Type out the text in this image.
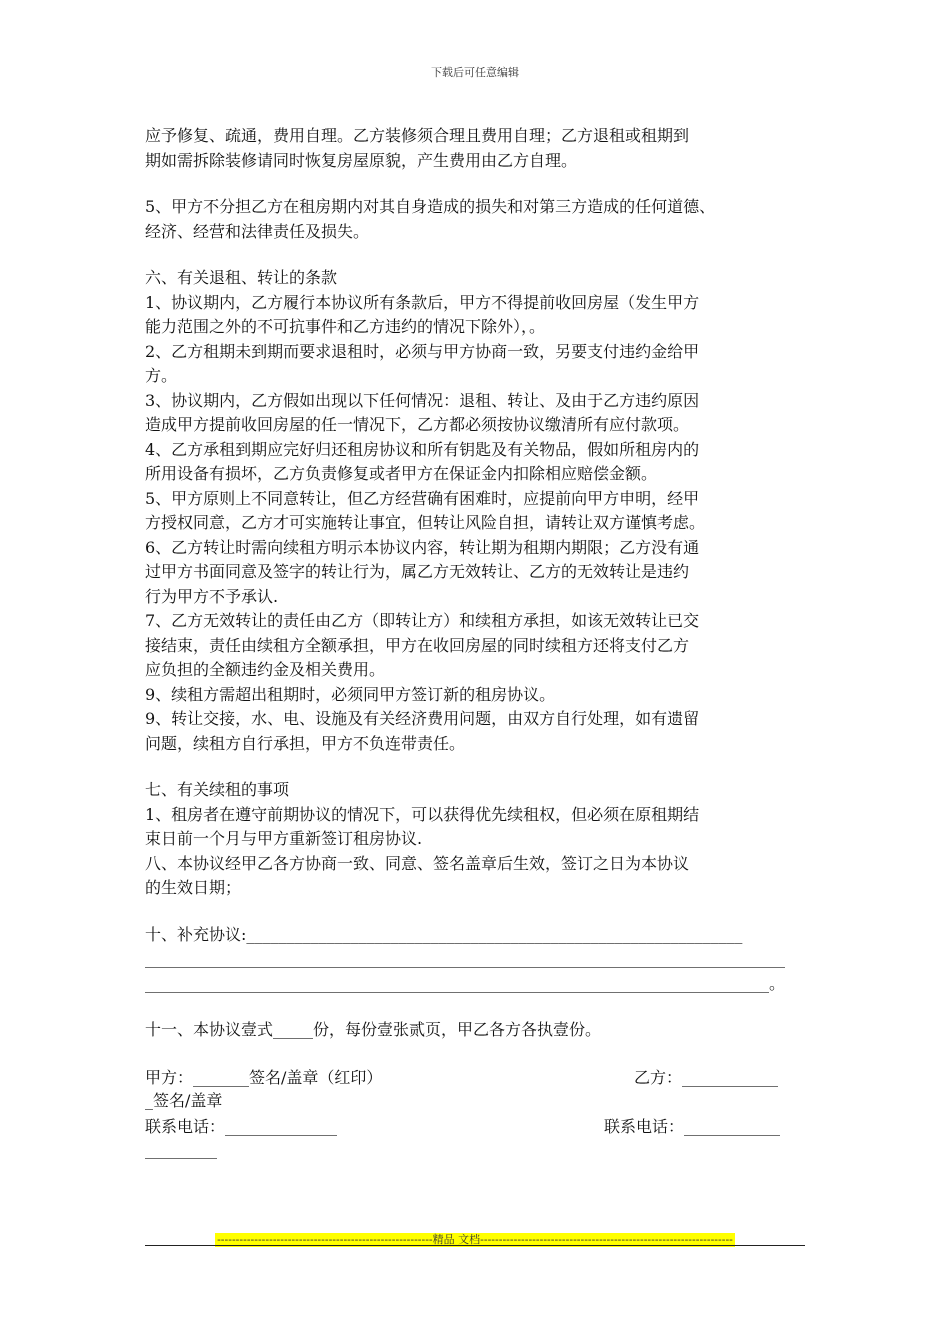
下载后可任意编辑
应予修复、疏通，费用自理。乙方装修须合理且费用自理；乙方退租或租期到
期如需拆除装修请同时恢复房屋原貌，产生费用由乙方自理。
5、甲方不分担乙方在租房期内对其自身造成的损失和对第三方造成的任何道德、
经济、经营和法律责任及损失。
六、有关退租、转让的条款
1、协议期内，乙方履行本协议所有条款后，甲方不得提前收回房屋（发生甲方
能力范围之外的不可抗事件和乙方违约的情况下除外），。
2、乙方租期未到期而要求退租时，必须与甲方协商一致，另要支付违约金给甲
方。
3、协议期内，乙方假如出现以下任何情况：退租、转让、及由于乙方违约原因
造成甲方提前收回房屋的任一情况下，乙方都必须按协议缴清所有应付款项。
4、乙方承租到期应完好归还租房协议和所有钥匙及有关物品，假如所租房内的
所用设备有损坏，乙方负责修复或者甲方在保证金内扣除相应赔偿金额。
5、甲方原则上不同意转让，但乙方经营确有困难时，应提前向甲方申明，经甲
方授权同意，乙方才可实施转让事宜，但转让风险自担，请转让双方谨慎考虑。
6、乙方转让时需向续租方明示本协议内容，转让期为租期内期限；乙方没有通
过甲方书面同意及签字的转让行为，属乙方无效转让、乙方的无效转让是违约
行为甲方不予承认.
7、乙方无效转让的责任由乙方（即转让方）和续租方承担，如该无效转让已交
接结束，责任由续租方全额承担，甲方在收回房屋的同时续租方还将支付乙方
应负担的全额违约金及相关费用。
9、续租方需超出租期时，必须同甲方签订新的租房协议。
9、转让交接，水、电、设施及有关经济费用问题，由双方自行处理，如有遗留
问题，续租方自行承担，甲方不负连带责任。
七、有关续租的事项
1、租房者在遵守前期协议的情况下，可以获得优先续租权，但必须在原租期结
束日前一个月与甲方重新签订租房协议.
八、本协议经甲乙各方协商一致、同意、签名盖章后生效，签订之日为本协议
的生效日期；
十、补充协议:______________________________________________________________
________________________________________________________________________________
______________________________________________________________________________。
十一、本协议壹式_____份，每份壹张贰页，甲乙各方各执壹份。
甲方：_______签名/盖章（红印）	乙方：____________
_签名/盖章
联系电话：______________	联系电话：____________
_________
----------------------------------------------------------精品 文档--------------------------------------------------------------------
